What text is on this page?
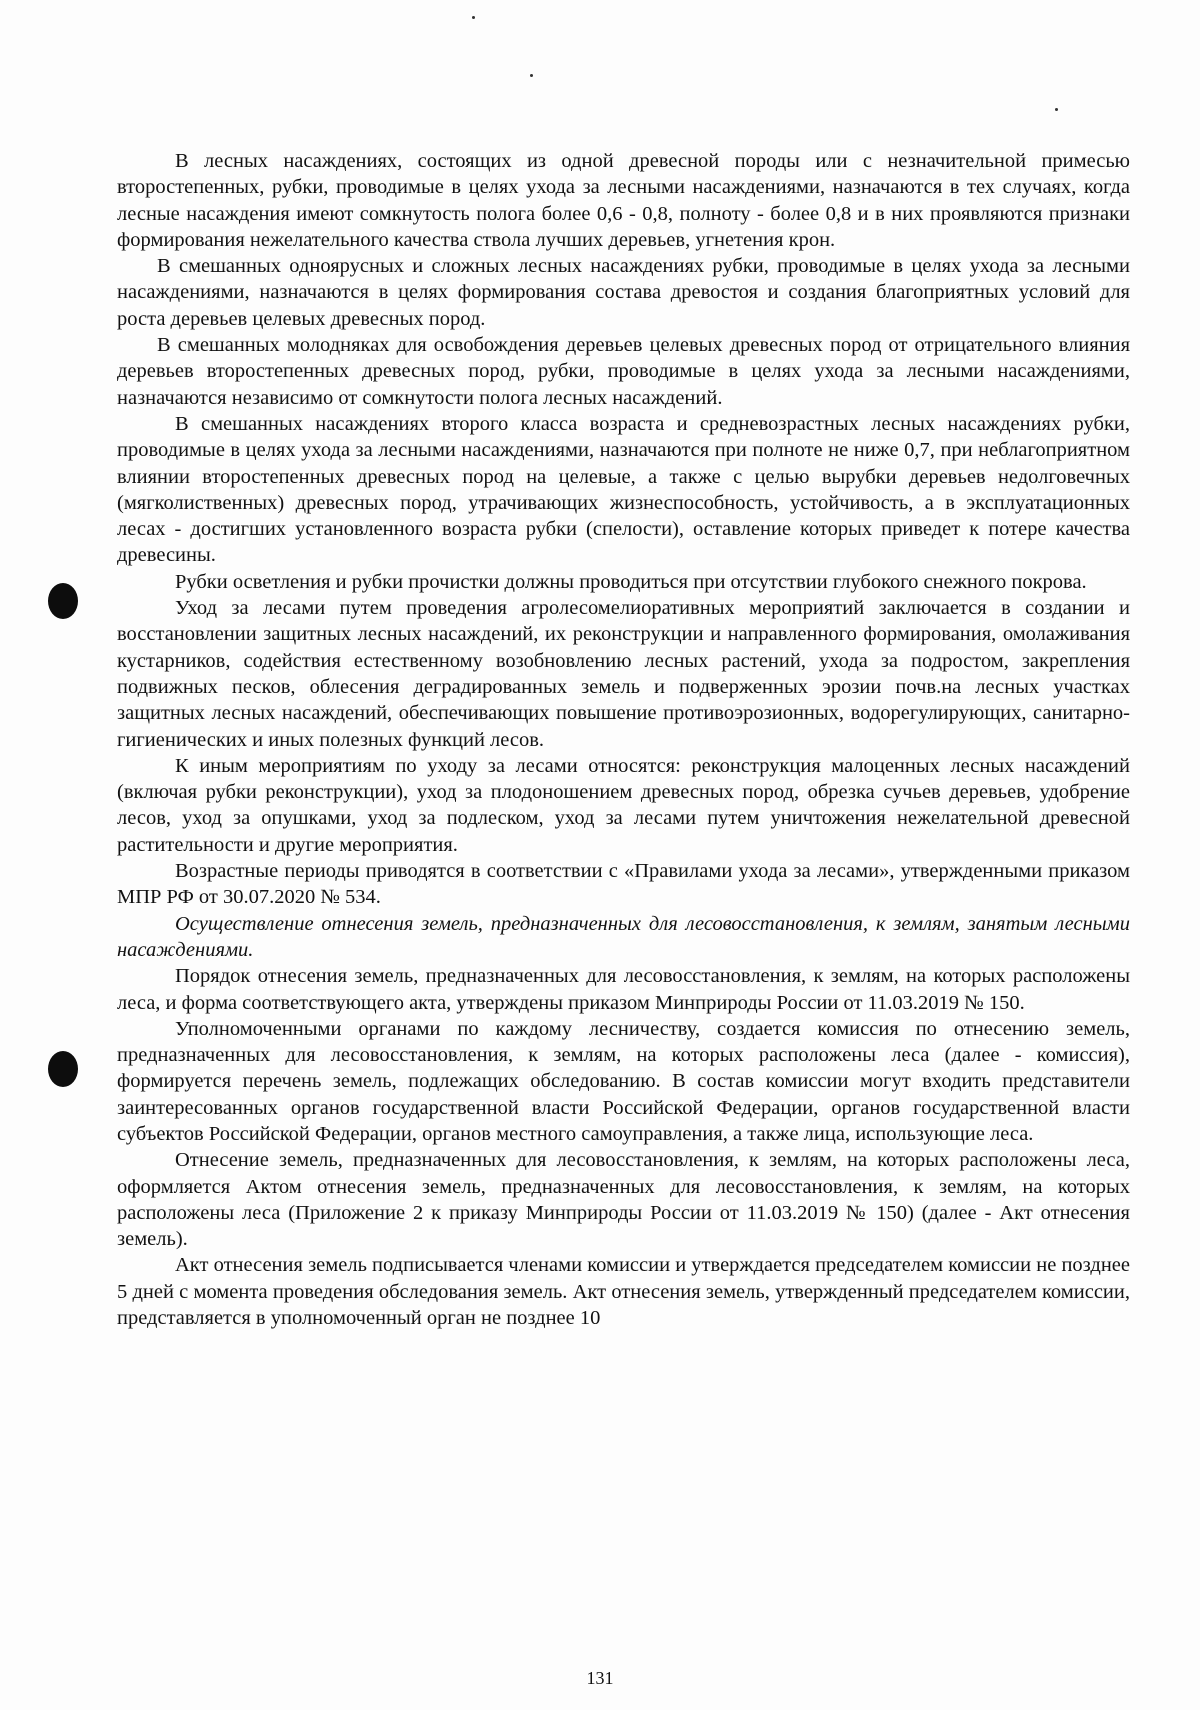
В лесных насаждениях, состоящих из одной древесной породы или с незначительной примесью второстепенных, рубки, проводимые в целях ухода за лесными насаждениями, назначаются в тех случаях, когда лесные насаждения имеют сомкнутость полога более 0,6 - 0,8, полноту - более 0,8 и в них проявляются признаки формирования нежелательного качества ствола лучших деревьев, угнетения крон.

В смешанных одноярусных и сложных лесных насаждениях рубки, проводимые в целях ухода за лесными насаждениями, назначаются в целях формирования состава древостоя и создания благоприятных условий для роста деревьев целевых древесных пород.

В смешанных молодняках для освобождения деревьев целевых древесных пород от отрицательного влияния деревьев второстепенных древесных пород, рубки, проводимые в целях ухода за лесными насаждениями, назначаются независимо от сомкнутости полога лесных насаждений.

В смешанных насаждениях второго класса возраста и средневозрастных лесных насаждениях рубки, проводимые в целях ухода за лесными насаждениями, назначаются при полноте не ниже 0,7, при неблагоприятном влиянии второстепенных древесных пород на целевые, а также с целью вырубки деревьев недолговечных (мягколиственных) древесных пород, утрачивающих жизнеспособность, устойчивость, а в эксплуатационных лесах - достигших установленного возраста рубки (спелости), оставление которых приведет к потере качества древесины.

Рубки осветления и рубки прочистки должны проводиться при отсутствии глубокого снежного покрова.

Уход за лесами путем проведения агролесомелиоративных мероприятий заключается в создании и восстановлении защитных лесных насаждений, их реконструкции и направленного формирования, омолаживания кустарников, содействия естественному возобновлению лесных растений, ухода за подростом, закрепления подвижных песков, облесения деградированных земель и подверженных эрозии почв.на лесных участках защитных лесных насаждений, обеспечивающих повышение противоэрозионных, водорегулирующих, санитарно-гигиенических и иных полезных функций лесов.

К иным мероприятиям по уходу за лесами относятся: реконструкция малоценных лесных насаждений (включая рубки реконструкции), уход за плодоношением древесных пород, обрезка сучьев деревьев, удобрение лесов, уход за опушками, уход за подлеском, уход за лесами путем уничтожения нежелательной древесной растительности и другие мероприятия.

Возрастные периоды приводятся в соответствии с «Правилами ухода за лесами», утвержденными приказом МПР РФ от 30.07.2020 № 534.

Осуществление отнесения земель, предназначенных для лесовосстановления, к землям, занятым лесными насаждениями.

Порядок отнесения земель, предназначенных для лесовосстановления, к землям, на которых расположены леса, и форма соответствующего акта, утверждены приказом Минприроды России от 11.03.2019 № 150.

Уполномоченными органами по каждому лесничеству, создается комиссия по отнесению земель, предназначенных для лесовосстановления, к землям, на которых расположены леса (далее - комиссия), формируется перечень земель, подлежащих обследованию. В состав комиссии могут входить представители заинтересованных органов государственной власти Российской Федерации, органов государственной власти субъектов Российской Федерации, органов местного самоуправления, а также лица, использующие леса.

Отнесение земель, предназначенных для лесовосстановления, к землям, на которых расположены леса, оформляется Актом отнесения земель, предназначенных для лесовосстановления, к землям, на которых расположены леса (Приложение 2 к приказу Минприроды России от 11.03.2019 № 150) (далее - Акт отнесения земель).

Акт отнесения земель подписывается членами комиссии и утверждается председателем комиссии не позднее 5 дней с момента проведения обследования земель. Акт отнесения земель, утвержденный председателем комиссии, представляется в уполномоченный орган не позднее 10

131
